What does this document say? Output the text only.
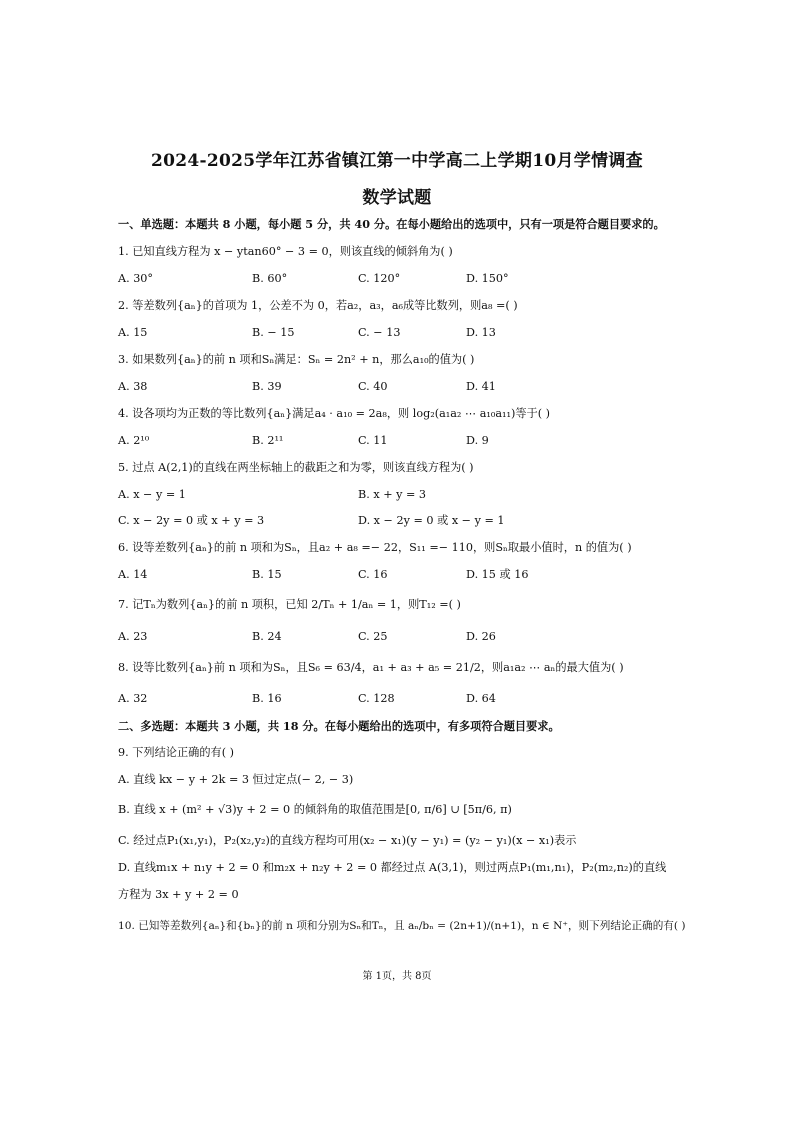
2024-2025学年江苏省镇江第一中学高二上学期10月学情调查
数学试题
一、单选题：本题共 8 小题，每小题 5 分，共 40 分。在每小题给出的选项中，只有一项是符合题目要求的。
1. 已知直线方程为 x − ytan60° − 3 = 0，则该直线的倾斜角为( )
A. 30°	B. 60°	C. 120°	D. 150°
2. 等差数列{aₙ}的首项为 1，公差不为 0，若a₂，a₃，a₆成等比数列，则a₈ =( )
A. 15	B. − 15	C. − 13	D. 13
3. 如果数列{aₙ}的前 n 项和Sₙ满足：Sₙ = 2n² + n，那么a₁₀的值为( )
A. 38	B. 39	C. 40	D. 41
4. 设各项均为正数的等比数列{aₙ}满足a₄ · a₁₀ = 2a₈，则 log₂(a₁a₂ ⋯ a₁₀a₁₁)等于( )
A. 2¹⁰	B. 2¹¹	C. 11	D. 9
5. 过点 A(2,1)的直线在两坐标轴上的截距之和为零，则该直线方程为( )
A. x − y = 1	B. x + y = 3
C. x − 2y = 0 或 x + y = 3	D. x − 2y = 0 或 x − y = 1
6. 设等差数列{aₙ}的前 n 项和为Sₙ，且a₂ + a₈ =− 22，S₁₁ =− 110，则Sₙ取最小值时，n 的值为( )
A. 14	B. 15	C. 16	D. 15 或 16
7. 记Tₙ为数列{aₙ}的前 n 项积，已知 2/Tₙ + 1/aₙ = 1，则T₁₂ =( )
A. 23	B. 24	C. 25	D. 26
8. 设等比数列{aₙ}前 n 项和为Sₙ，且S₆ = 63/4，a₁ + a₃ + a₅ = 21/2，则a₁a₂ ⋯ aₙ的最大值为( )
A. 32	B. 16	C. 128	D. 64
二、多选题：本题共 3 小题，共 18 分。在每小题给出的选项中，有多项符合题目要求。
9. 下列结论正确的有( )
A. 直线 kx − y + 2k = 3 恒过定点(− 2, − 3)
B. 直线 x + (m² + √3)y + 2 = 0 的倾斜角的取值范围是[0, π/6] ∪ [5π/6, π)
C. 经过点P₁(x₁,y₁)，P₂(x₂,y₂)的直线方程均可用(x₂ − x₁)(y − y₁) = (y₂ − y₁)(x − x₁)表示
D. 直线m₁x + n₁y + 2 = 0 和m₂x + n₂y + 2 = 0 都经过点 A(3,1)，则过两点P₁(m₁,n₁)，P₂(m₂,n₂)的直线
方程为 3x + y + 2 = 0
10. 已知等差数列{aₙ}和{bₙ}的前 n 项和分别为Sₙ和Tₙ，且 aₙ/bₙ = (2n+1)/(n+1)，n ∈ N⁺，则下列结论正确的有( )
第 1页，共 8页
